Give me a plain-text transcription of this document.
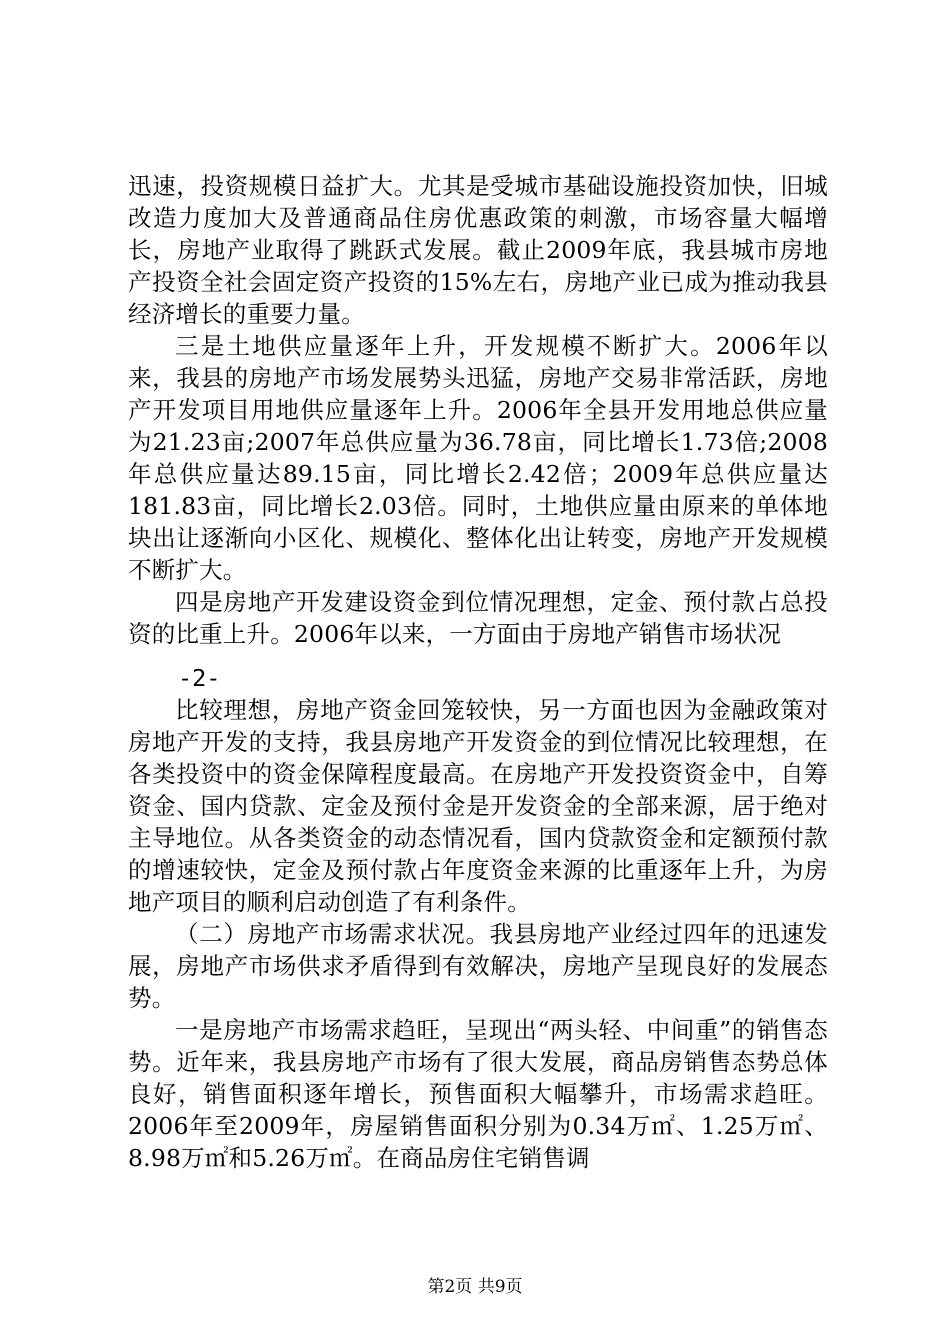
迅速，投资规模日益扩大。尤其是受城市基础设施投资加快，旧城改造力度加大及普通商品住房优惠政策的刺激，市场容量大幅增长，房地产业取得了跳跃式发展。截止2009年底，我县城市房地产投资全社会固定资产投资的15%左右，房地产业已成为推动我县经济增长的重要力量。

三是土地供应量逐年上升，开发规模不断扩大。2006年以来，我县的房地产市场发展势头迅猛，房地产交易非常活跃，房地产开发项目用地供应量逐年上升。2006年全县开发用地总供应量为21.23亩;2007年总供应量为36.78亩，同比增长1.73倍;2008年总供应量达89.15亩，同比增长2.42倍；2009年总供应量达181.83亩，同比增长2.03倍。同时，土地供应量由原来的单体地块出让逐渐向小区化、规模化、整体化出让转变，房地产开发规模不断扩大。

四是房地产开发建设资金到位情况理想，定金、预付款占总投资的比重上升。2006年以来，一方面由于房地产销售市场状况

-2-

比较理想，房地产资金回笼较快，另一方面也因为金融政策对房地产开发的支持，我县房地产开发资金的到位情况比较理想，在各类投资中的资金保障程度最高。在房地产开发投资资金中，自筹资金、国内贷款、定金及预付金是开发资金的全部来源，居于绝对主导地位。从各类资金的动态情况看，国内贷款资金和定额预付款的增速较快，定金及预付款占年度资金来源的比重逐年上升，为房地产项目的顺利启动创造了有利条件。

（二）房地产市场需求状况。我县房地产业经过四年的迅速发展，房地产市场供求矛盾得到有效解决，房地产呈现良好的发展态势。

一是房地产市场需求趋旺，呈现出“两头轻、中间重”的销售态势。近年来，我县房地产市场有了很大发展，商品房销售态势总体良好，销售面积逐年增长，预售面积大幅攀升，市场需求趋旺。2006年至2009年，房屋销售面积分别为0.34万㎡、1.25万㎡、8.98万㎡和5.26万㎡。在商品房住宅销售调

第2页 共9页
